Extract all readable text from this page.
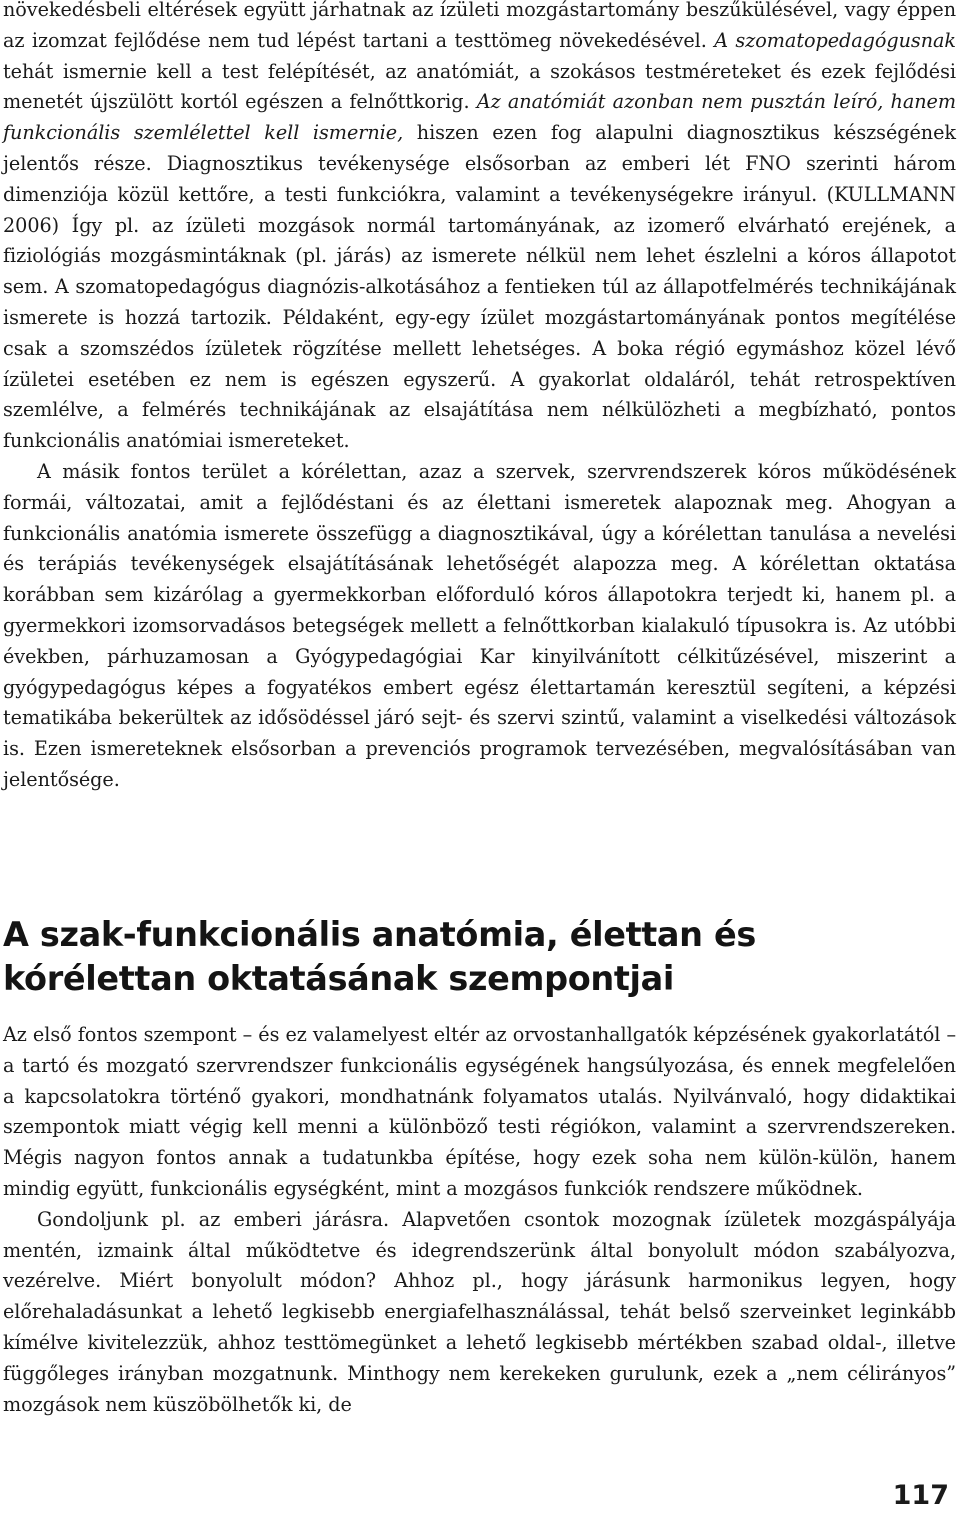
növekedésbeli eltérések együtt járhatnak az ízületi mozgástartomány beszűkülésével, vagy éppen az izomzat fejlődése nem tud lépést tartani a testtömeg növekedésével. A szomatopedagógusnak tehát ismernie kell a test felépítését, az anatómiát, a szokásos testméreteket és ezek fejlődési menetét újszülött kortól egészen a felnőttkorig. Az anatómiát azonban nem pusztán leíró, hanem funkcionális szemlélettel kell ismernie, hiszen ezen fog alapulni diagnosztikus készségének jelentős része. Diagnosztikus tevékenysége elsősorban az emberi lét FNO szerinti három dimenziója közül kettőre, a testi funkciókra, valamint a tevékenységekre irányul. (KULLMANN 2006) Így pl. az ízületi mozgások normál tartományának, az izomerő elvárható erejének, a fiziológiás mozgásmintáknak (pl. járás) az ismerete nélkül nem lehet észlelni a kóros állapotot sem. A szomatopedagógus diagnózis-alkotásához a fentieken túl az állapotfelmérés technikájának ismerete is hozzá tartozik. Példaként, egy-egy ízület mozgástartományának pontos megítélése csak a szomszédos ízületek rögzítése mellett lehetséges. A boka régió egymáshoz közel lévő ízületei esetében ez nem is egészen egyszerű. A gyakorlat oldaláról, tehát retrospektíven szemlélve, a felmérés technikájának az elsajátítása nem nélkülözheti a megbízható, pontos funkcionális anatómiai ismereteket.

A másik fontos terület a kórélettan, azaz a szervek, szervrendszerek kóros működésének formái, változatai, amit a fejlődéstani és az élettani ismeretek alapoznak meg. Ahogyan a funkcionális anatómia ismerete összefügg a diagnosztikával, úgy a kórélettan tanulása a nevelési és terápiás tevékenységek elsajátításának lehetőségét alapozza meg. A kórélettan oktatása korábban sem kizárólag a gyermekkorban előforduló kóros állapotokra terjedt ki, hanem pl. a gyermekkori izomsorvadásos betegségek mellett a felnőttkorban kialakuló típusokra is. Az utóbbi években, párhuzamosan a Gyógypedagógiai Kar kinyilvánított célkitűzésével, miszerint a gyógypedagógus képes a fogyatékos embert egész élettartamán keresztül segíteni, a képzési tematikába bekerültek az idősödéssel járó sejt- és szervi szintű, valamint a viselkedési változások is. Ezen ismereteknek elsősorban a prevenciós programok tervezésében, megvalósításában van jelentősége.

A szak-funkcionális anatómia, élettan és kórélettan oktatásának szempontjai

Az első fontos szempont – és ez valamelyest eltér az orvostanhallgatók képzésének gyakorlatától – a tartó és mozgató szervrendszer funkcionális egységének hangsúlyozása, és ennek megfelelően a kapcsolatokra történő gyakori, mondhatnánk folyamatos utalás. Nyilvánvaló, hogy didaktikai szempontok miatt végig kell menni a különböző testi régiókon, valamint a szervrendszereken. Mégis nagyon fontos annak a tudatunkba építése, hogy ezek soha nem külön-külön, hanem mindig együtt, funkcionális egységként, mint a mozgásos funkciók rendszere működnek.

Gondoljunk pl. az emberi járásra. Alapvetően csontok mozognak ízületek mozgáspályája mentén, izmaink által működtetve és idegrendszerünk által bonyolult módon szabályozva, vezérelve. Miért bonyolult módon? Ahhoz pl., hogy járásunk harmonikus legyen, hogy előrehaladásunkat a lehető legkisebb energiafelhasználással, tehát belső szerveinket leginkább kímélve kivitelezzük, ahhoz testtömegünket a lehető legkisebb mértékben szabad oldal-, illetve függőleges irányban mozgatnunk. Minthogy nem kerekeken gurulunk, ezek a „nem célirányos” mozgások nem küszöbölhetők ki, de

117
